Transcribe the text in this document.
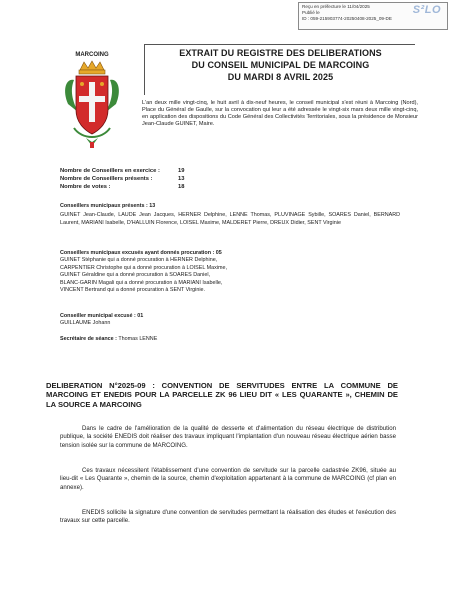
Reçu en préfecture le 11/04/2025
Publié le
ID : 059-215903774-20250408-2025_09-DE
S²LO
MARCOING	EXTRAIT DU REGISTRE DES DELIBERATIONS
DU CONSEIL MUNICIPAL DE MARCOING
DU MARDI 8 AVRIL 2025
L'an deux mille vingt-cinq, le huit avril à dix-neuf heures, le conseil municipal s'est réuni à Marcoing (Nord), Place du Général de Gaulle, sur la convocation qui leur a été adressée le vingt-six mars deux mille vingt-cinq, en application des dispositions du Code Général des Collectivités Territoriales, sous la présidence de Monsieur Jean-Claude GUINET, Maire.
Nombre de Conseillers en exercice :	19
Nombre de Conseillers présents :	13
Nombre de votes :	18
Conseillers municipaux présents : 13
GUINET Jean-Claude, LAUDE Jean Jacques, HERNER Delphine, LENNE Thomas, PLUVINAGE Sybille, SOARES Daniel, BERNARD Laurent, MARIANI Isabelle, D'HALLUIN Florence, LOISEL Maxime, MALDERET Pierre, DREUX Didier, SENT Virginie
Conseillers municipaux excusés ayant donnés procuration : 05
GUINET Stéphanie qui a donné procuration à HERNER Delphine,
CARPENTIER Christophe qui a donné procuration à LOISEL Maxime,
GUINET Géraldine qui a donné procuration à SOARES Daniel,
BLANC-GARIN Magali qui a donné procuration à MARIANI Isabelle,
VINCENT Bertrand qui a donné procuration à SENT Virginie.
Conseiller municipal excusé : 01
GUILLAUME Johann
Secrétaire de séance : Thomas LENNE
DELIBERATION N°2025-09 : CONVENTION DE SERVITUDES ENTRE LA COMMUNE DE MARCOING ET ENEDIS POUR LA PARCELLE ZK 96 LIEU DIT « LES QUARANTE », CHEMIN DE LA SOURCE A MARCOING
Dans le cadre de l'amélioration de la qualité de desserte et d'alimentation du réseau électrique de distribution publique, la société ENEDIS doit réaliser des travaux impliquant l'implantation d'un nouveau réseau électrique aérien basse tension isolée sur la commune de MARCOING.
Ces travaux nécessitent l'établissement d'une convention de servitude sur la parcelle cadastrée ZK96, située au lieu-dit « Les Quarante », chemin de la source, chemin d'exploitation appartenant à la commune de MARCOING (cf plan en annexe).
ENEDIS sollicite la signature d'une convention de servitudes permettant la réalisation des études et l'exécution des travaux sur cette parcelle.
